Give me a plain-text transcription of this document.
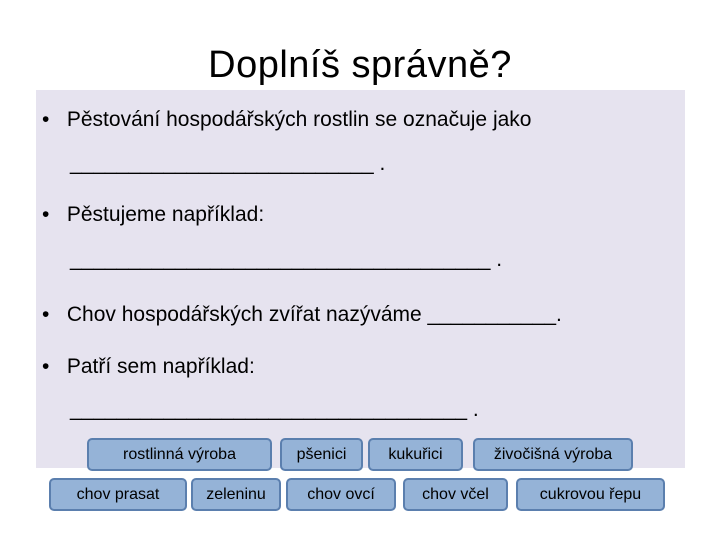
Doplníš správně?
• Pěstování hospodářských rostlin se označuje jako
__________________________ .
• Pěstujeme například:
____________________________________ .
• Chov hospodářských zvířat nazýváme ___________.
• Patří sem například:
__________________________________ .
rostlinná výroba	pšenici	kukuřici	živočišná výroba
chov prasat	zeleninu	chov ovcí	chov včel	cukrovou řepu
